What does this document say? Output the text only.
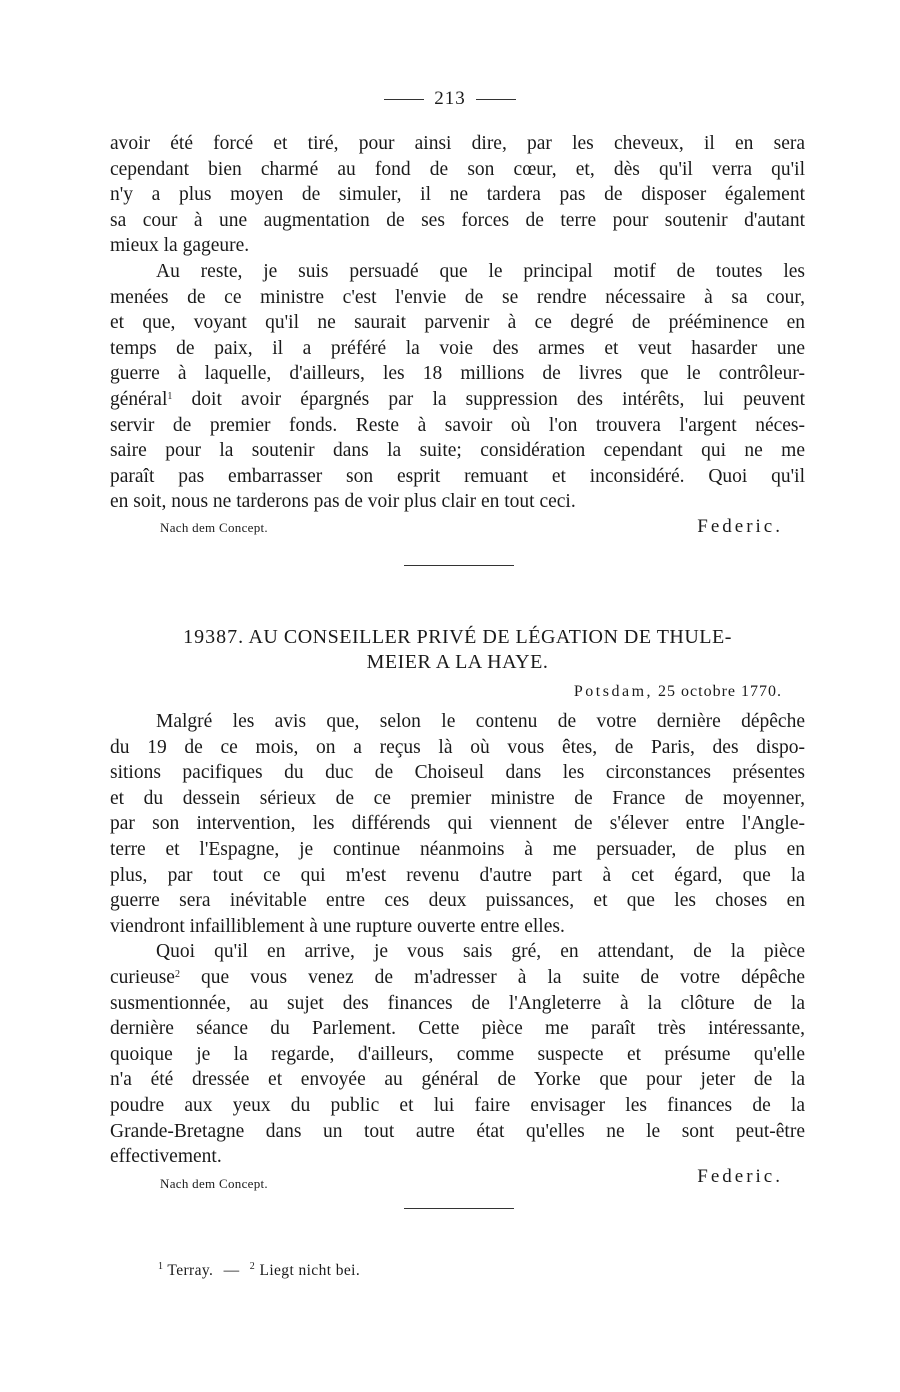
213
avoir été forcé et tiré, pour ainsi dire, par les cheveux, il en sera
cependant bien charmé au fond de son cœur, et, dès qu'il verra qu'il
n'y a plus moyen de simuler, il ne tardera pas de disposer également
sa cour à une augmentation de ses forces de terre pour soutenir d'autant
mieux la gageure.
Au reste, je suis persuadé que le principal motif de toutes les
menées de ce ministre c'est l'envie de se rendre nécessaire à sa cour,
et que, voyant qu'il ne saurait parvenir à ce degré de prééminence en
temps de paix, il a préféré la voie des armes et veut hasarder une
guerre à laquelle, d'ailleurs, les 18 millions de livres que le contrôleur-
général$^1$ doit avoir épargnés par la suppression des intérêts, lui peuvent
servir de premier fonds. Reste à savoir où l'on trouvera l'argent néces-
saire pour la soutenir dans la suite; considération cependant qui ne me
paraît pas embarrasser son esprit remuant et inconsidéré. Quoi qu'il
en soit, nous ne tarderons pas de voir plus clair en tout ceci.
Nach dem Concept.	Federic.
19387. AU CONSEILLER PRIVÉ DE LÉGATION DE THULE-
MEIER A LA HAYE.
Potsdam, 25 octobre 1770.
Malgré les avis que, selon le contenu de votre dernière dépêche
du 19 de ce mois, on a reçus là où vous êtes, de Paris, des dispo-
sitions pacifiques du duc de Choiseul dans les circonstances présentes
et du dessein sérieux de ce premier ministre de France de moyenner,
par son intervention, les différends qui viennent de s'élever entre l'Angle-
terre et l'Espagne, je continue néanmoins à me persuader, de plus en
plus, par tout ce qui m'est revenu d'autre part à cet égard, que la
guerre sera inévitable entre ces deux puissances, et que les choses en
viendront infailliblement à une rupture ouverte entre elles.
Quoi qu'il en arrive, je vous sais gré, en attendant, de la pièce
curieuse$^2$ que vous venez de m'adresser à la suite de votre dépêche
susmentionnée, au sujet des finances de l'Angleterre à la clôture de la
dernière séance du Parlement. Cette pièce me paraît très intéressante,
quoique je la regarde, d'ailleurs, comme suspecte et présume qu'elle
n'a été dressée et envoyée au général de Yorke que pour jeter de la
poudre aux yeux du public et lui faire envisager les finances de la
Grande-Bretagne dans un tout autre état qu'elles ne le sont peut-être
effectivement.
Nach dem Concept.	Federic.
$^1$ Terray. — $^2$ Liegt nicht bei.
